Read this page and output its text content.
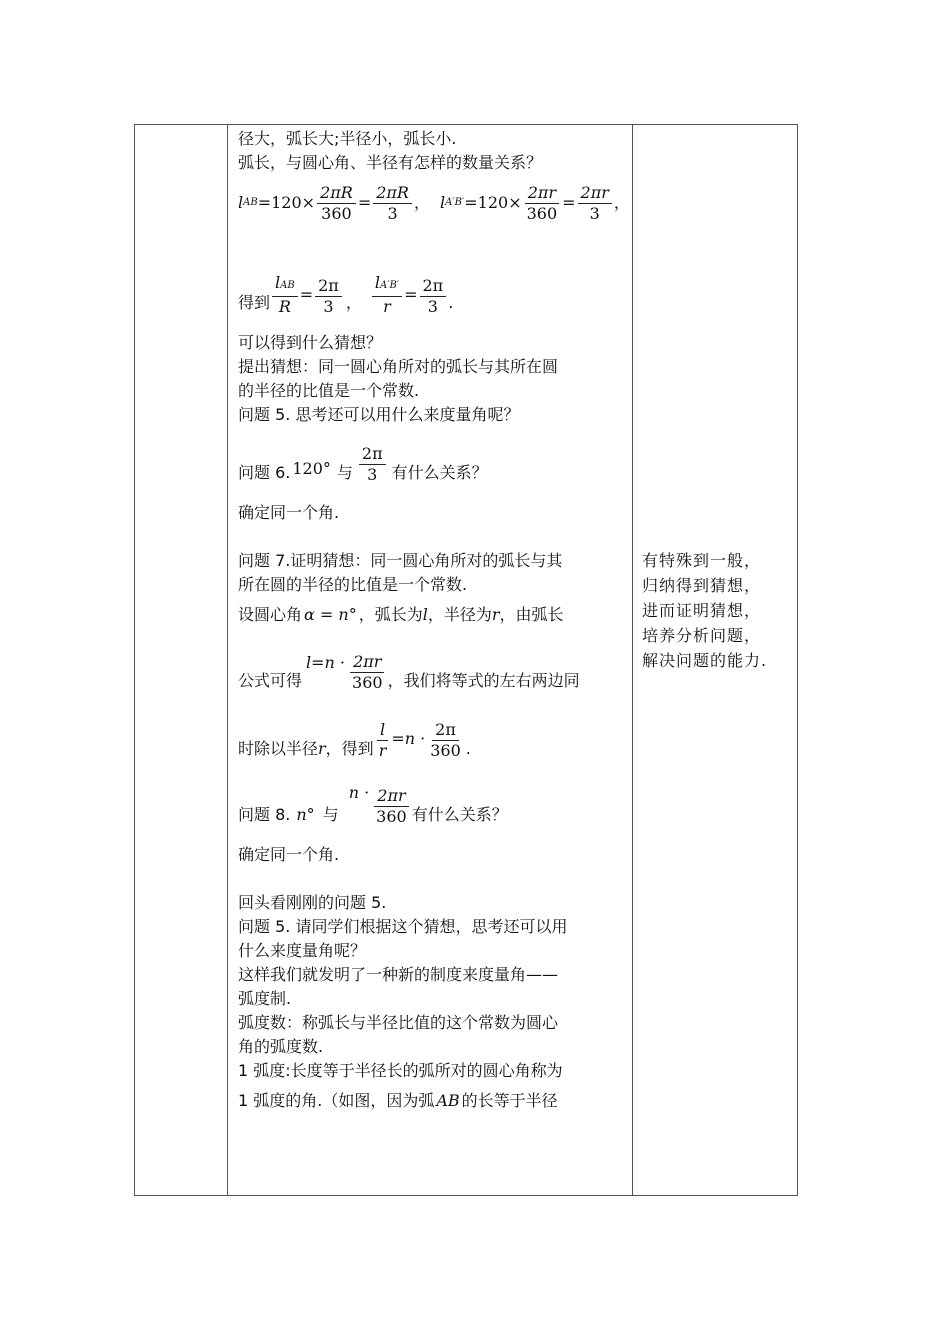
径大，弧长大;半径小，弧长小.

弧长，与圆心角、半径有怎样的数量关系？

l AB $=120 \times \frac{2\pi R}{360} = \frac{2\pi R}{3}$ ， l $A'B' =120 \times \frac{2\pi r}{360} = \frac{2\pi r}{3}$ ，
得到 $\frac{\text{lAB}}{R} = \frac{2\pi}{3}$ ， $\frac{lA'B'}{r} = \frac{2\pi}{3}$ .

可以得到什么猜想？

提出猜想：同一圆心角所对的弧长与其所在圆

的半径的比值是一个常数.

问题 5. 思考还可以用什么来度量角呢？

问题 6. 120° 与 $\frac{2\pi}{3}$ 有什么关系？

确定同一个角.

问题 7.证明猜想：同一圆心角所对的弧长与其

所在圆的半径的比值是一个常数.

设圆心角 α = n° ，弧长为 l ，半径为 r ，由弧长
公式可得
$l=n \cdot \frac{2\pi r}{360}$ ，我们将等式的左右两边同
时除以半径 r ，得到 $\frac{l}{r} =n \cdot \frac{2\pi}{360}$ .
问题 8. n° 与
$n \cdot \frac{2\pi r}{360}$ 有什么关系？

确定同一个角.

回头看刚刚的问题 5.

问题 5. 请同学们根据这个猜想，思考还可以用

什么来度量角呢？

这样我们就发明了一种新的制度来度量角——

弧度制.

弧度数：称弧长与半径比值的这个常数为圆心

角的弧度数.

1 弧度:长度等于半径长的弧所对的圆心角称为

1 弧度的角.（如图，因为弧 AB 的长等于半径

有特殊到一般，

归纳得到猜想，

进而证明猜想，

培养分析问题，

解决问题的能力.
